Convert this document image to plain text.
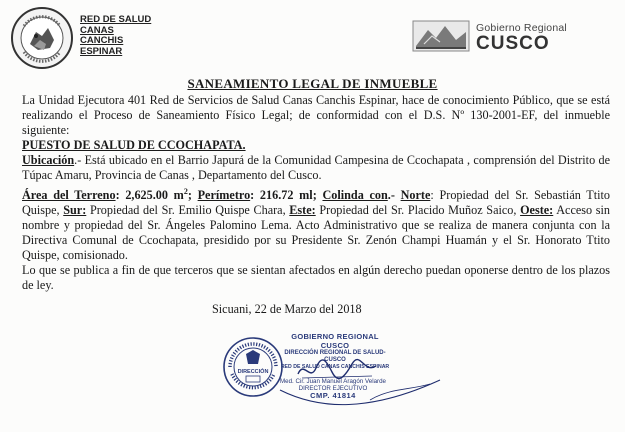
RED DE SALUD
CANAS
CANCHIS
ESPINAR
Gobierno Regional
CUSCO
SANEAMIENTO LEGAL DE INMUEBLE

La Unidad Ejecutora 401 Red de Servicios de Salud Canas Canchis Espinar, hace de conocimiento Público, que se está realizando el Proceso de Saneamiento Físico Legal; de conformidad con el D.S. Nº 130-2001-EF, del inmueble siguiente:

PUESTO DE SALUD DE CCOCHAPATA.

Ubicación.- Está ubicado en el Barrio Japurá de la Comunidad Campesina de Ccochapata , comprensión del Distrito de Túpac Amaru, Provincia de Canas , Departamento del Cusco.

Área del Terreno: 2,625.00 $m^2$; Perímetro: 216.72 ml; Colinda con.- Norte: Propiedad del Sr. Sebastián Ttito Quispe, Sur: Propiedad del Sr. Emilio Quispe Chara, Este: Propiedad del Sr. Placido Muñoz Saico, Oeste: Acceso sin nombre y propiedad del Sr. Ángeles Palomino Lema. Acto Administrativo que se realiza de manera conjunta con la Directiva Comunal de Ccochapata, presidido por su Presidente Sr. Zenón Champi Huamán y el Sr. Honorato Ttito Quispe, comisionado.

Lo que se publica a fin de que terceros que se sientan afectados en algún derecho puedan oponerse dentro de los plazos de ley.

Sicuani, 22 de Marzo del 2018
DIRECCIÓN
GOBIERNO REGIONAL CUSCO
DIRECCIÓN REGIONAL DE SALUD-CUSCO
RED DE SALUD CANAS CANCHIS ESPINAR
Med. Cir. Juan Manuel Aragón Velarde
DIRECTOR EJECUTIVO
CMP. 41814
